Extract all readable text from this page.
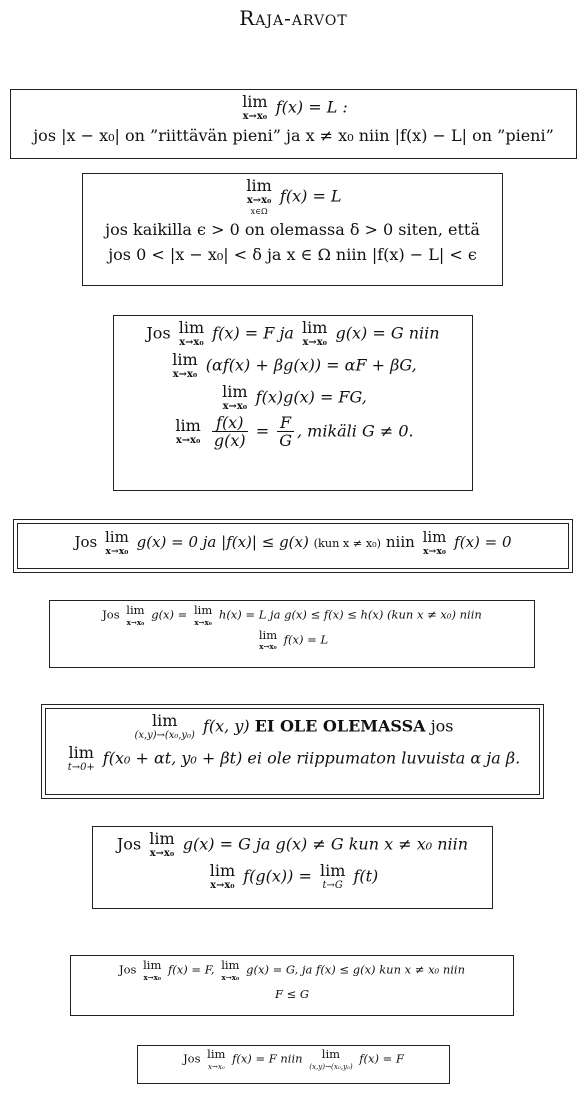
Raja-arvot
lim
x→x₀
f(x) = L :
jos |x − x₀| on ”riittävän pieni” ja x ≠ x₀ niin |f(x) − L| on ”pieni”
lim
x→x₀
x∈Ω
f(x) = L
jos kaikilla ϵ > 0 on olemassa δ > 0 siten, että
jos 0 < |x − x₀| < δ ja x ∈ Ω niin |f(x) − L| < ϵ
Jos lim
x→x₀
f(x) = F ja lim
x→x₀
g(x) = G niin
lim
x→x₀
(αf(x) + βg(x)) = αF + βG,
lim
x→x₀
f(x)g(x) = FG,
lim
x→x₀
$\frac{f(x)}{g(x)} = \frac{F}{G}$ , mikäli G ≠ 0.
Jos lim
x→x₀
g(x) = 0 ja |f(x)| ≤ g(x) (kun x ≠ x₀) niin lim
x→x₀
f(x) = 0
Jos lim
x→x₀
g(x) = lim
x→x₀
h(x) = L ja g(x) ≤ f(x) ≤ h(x) (kun x ≠ x₀) niin
lim
x→x₀
f(x) = L
lim
(x,y)→(x₀,y₀)
f(x, y) EI OLE OLEMASSA jos
lim
t→0+
f(x₀ + αt, y₀ + βt) ei ole riippumaton luvuista α ja β.
Jos lim
x→x₀
g(x) = G ja g(x) ≠ G kun x ≠ x₀ niin
lim
x→x₀
f(g(x)) = lim
t→G
f(t)
Jos lim
x→x₀
f(x) = F, lim
x→x₀
g(x) = G, ja f(x) ≤ g(x) kun x ≠ x₀ niin
F ≤ G
Jos lim
x→x₀
f(x) = F niin	lim
(x,y)→(x₀,y₀)
f(x) = F
